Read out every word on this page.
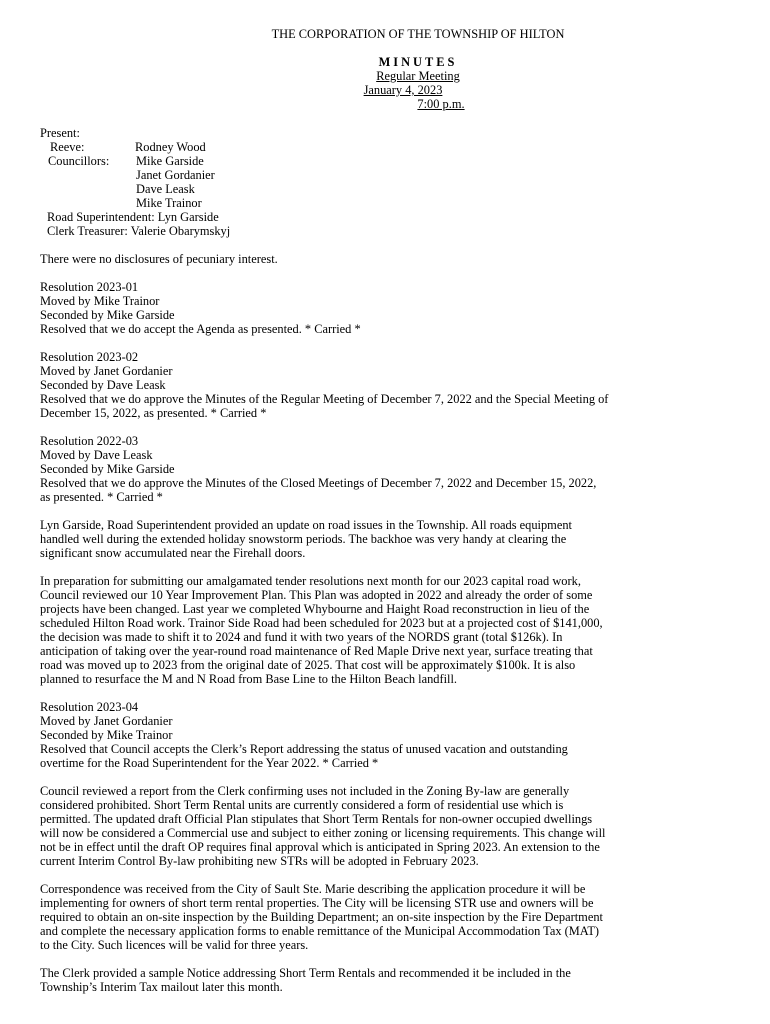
THE CORPORATION OF THE TOWNSHIP OF HILTON
MINUTES
Regular Meeting
January 4, 2023
7:00 p.m.
Present:
Reeve:	Rodney Wood
Councillors:	Mike Garside
Janet Gordanier
Dave Leask
Mike Trainor
Road Superintendent: Lyn Garside
Clerk Treasurer: Valerie Obarymskyj

There were no disclosures of pecuniary interest.

Resolution 2023-01
Moved by Mike Trainor
Seconded by Mike Garside
Resolved that we do accept the Agenda as presented. * Carried *
Resolution 2023-02
Moved by Janet Gordanier
Seconded by Dave Leask
Resolved that we do approve the Minutes of the Regular Meeting of December 7, 2022 and the Special Meeting of
December 15, 2022, as presented. * Carried *
Resolution 2022-03
Moved by Dave Leask
Seconded by Mike Garside
Resolved that we do approve the Minutes of the Closed Meetings of December 7, 2022 and December 15, 2022,
as presented. * Carried *
Lyn Garside, Road Superintendent provided an update on road issues in the Township. All roads equipment
handled well during the extended holiday snowstorm periods. The backhoe was very handy at clearing the
significant snow accumulated near the Firehall doors.
In preparation for submitting our amalgamated tender resolutions next month for our 2023 capital road work,
Council reviewed our 10 Year Improvement Plan. This Plan was adopted in 2022 and already the order of some
projects have been changed. Last year we completed Whybourne and Haight Road reconstruction in lieu of the
scheduled Hilton Road work. Trainor Side Road had been scheduled for 2023 but at a projected cost of $141,000,
the decision was made to shift it to 2024 and fund it with two years of the NORDS grant (total $126k). In
anticipation of taking over the year-round road maintenance of Red Maple Drive next year, surface treating that
road was moved up to 2023 from the original date of 2025. That cost will be approximately $100k. It is also
planned to resurface the M and N Road from Base Line to the Hilton Beach landfill.
Resolution 2023-04
Moved by Janet Gordanier
Seconded by Mike Trainor
Resolved that Council accepts the Clerk’s Report addressing the status of unused vacation and outstanding
overtime for the Road Superintendent for the Year 2022. * Carried *
Council reviewed a report from the Clerk confirming uses not included in the Zoning By-law are generally
considered prohibited. Short Term Rental units are currently considered a form of residential use which is
permitted. The updated draft Official Plan stipulates that Short Term Rentals for non-owner occupied dwellings
will now be considered a Commercial use and subject to either zoning or licensing requirements. This change will
not be in effect until the draft OP requires final approval which is anticipated in Spring 2023. An extension to the
current Interim Control By-law prohibiting new STRs will be adopted in February 2023.
Correspondence was received from the City of Sault Ste. Marie describing the application procedure it will be
implementing for owners of short term rental properties. The City will be licensing STR use and owners will be
required to obtain an on-site inspection by the Building Department; an on-site inspection by the Fire Department
and complete the necessary application forms to enable remittance of the Municipal Accommodation Tax (MAT)
to the City. Such licences will be valid for three years.
The Clerk provided a sample Notice addressing Short Term Rentals and recommended it be included in the
Township’s Interim Tax mailout later this month.
